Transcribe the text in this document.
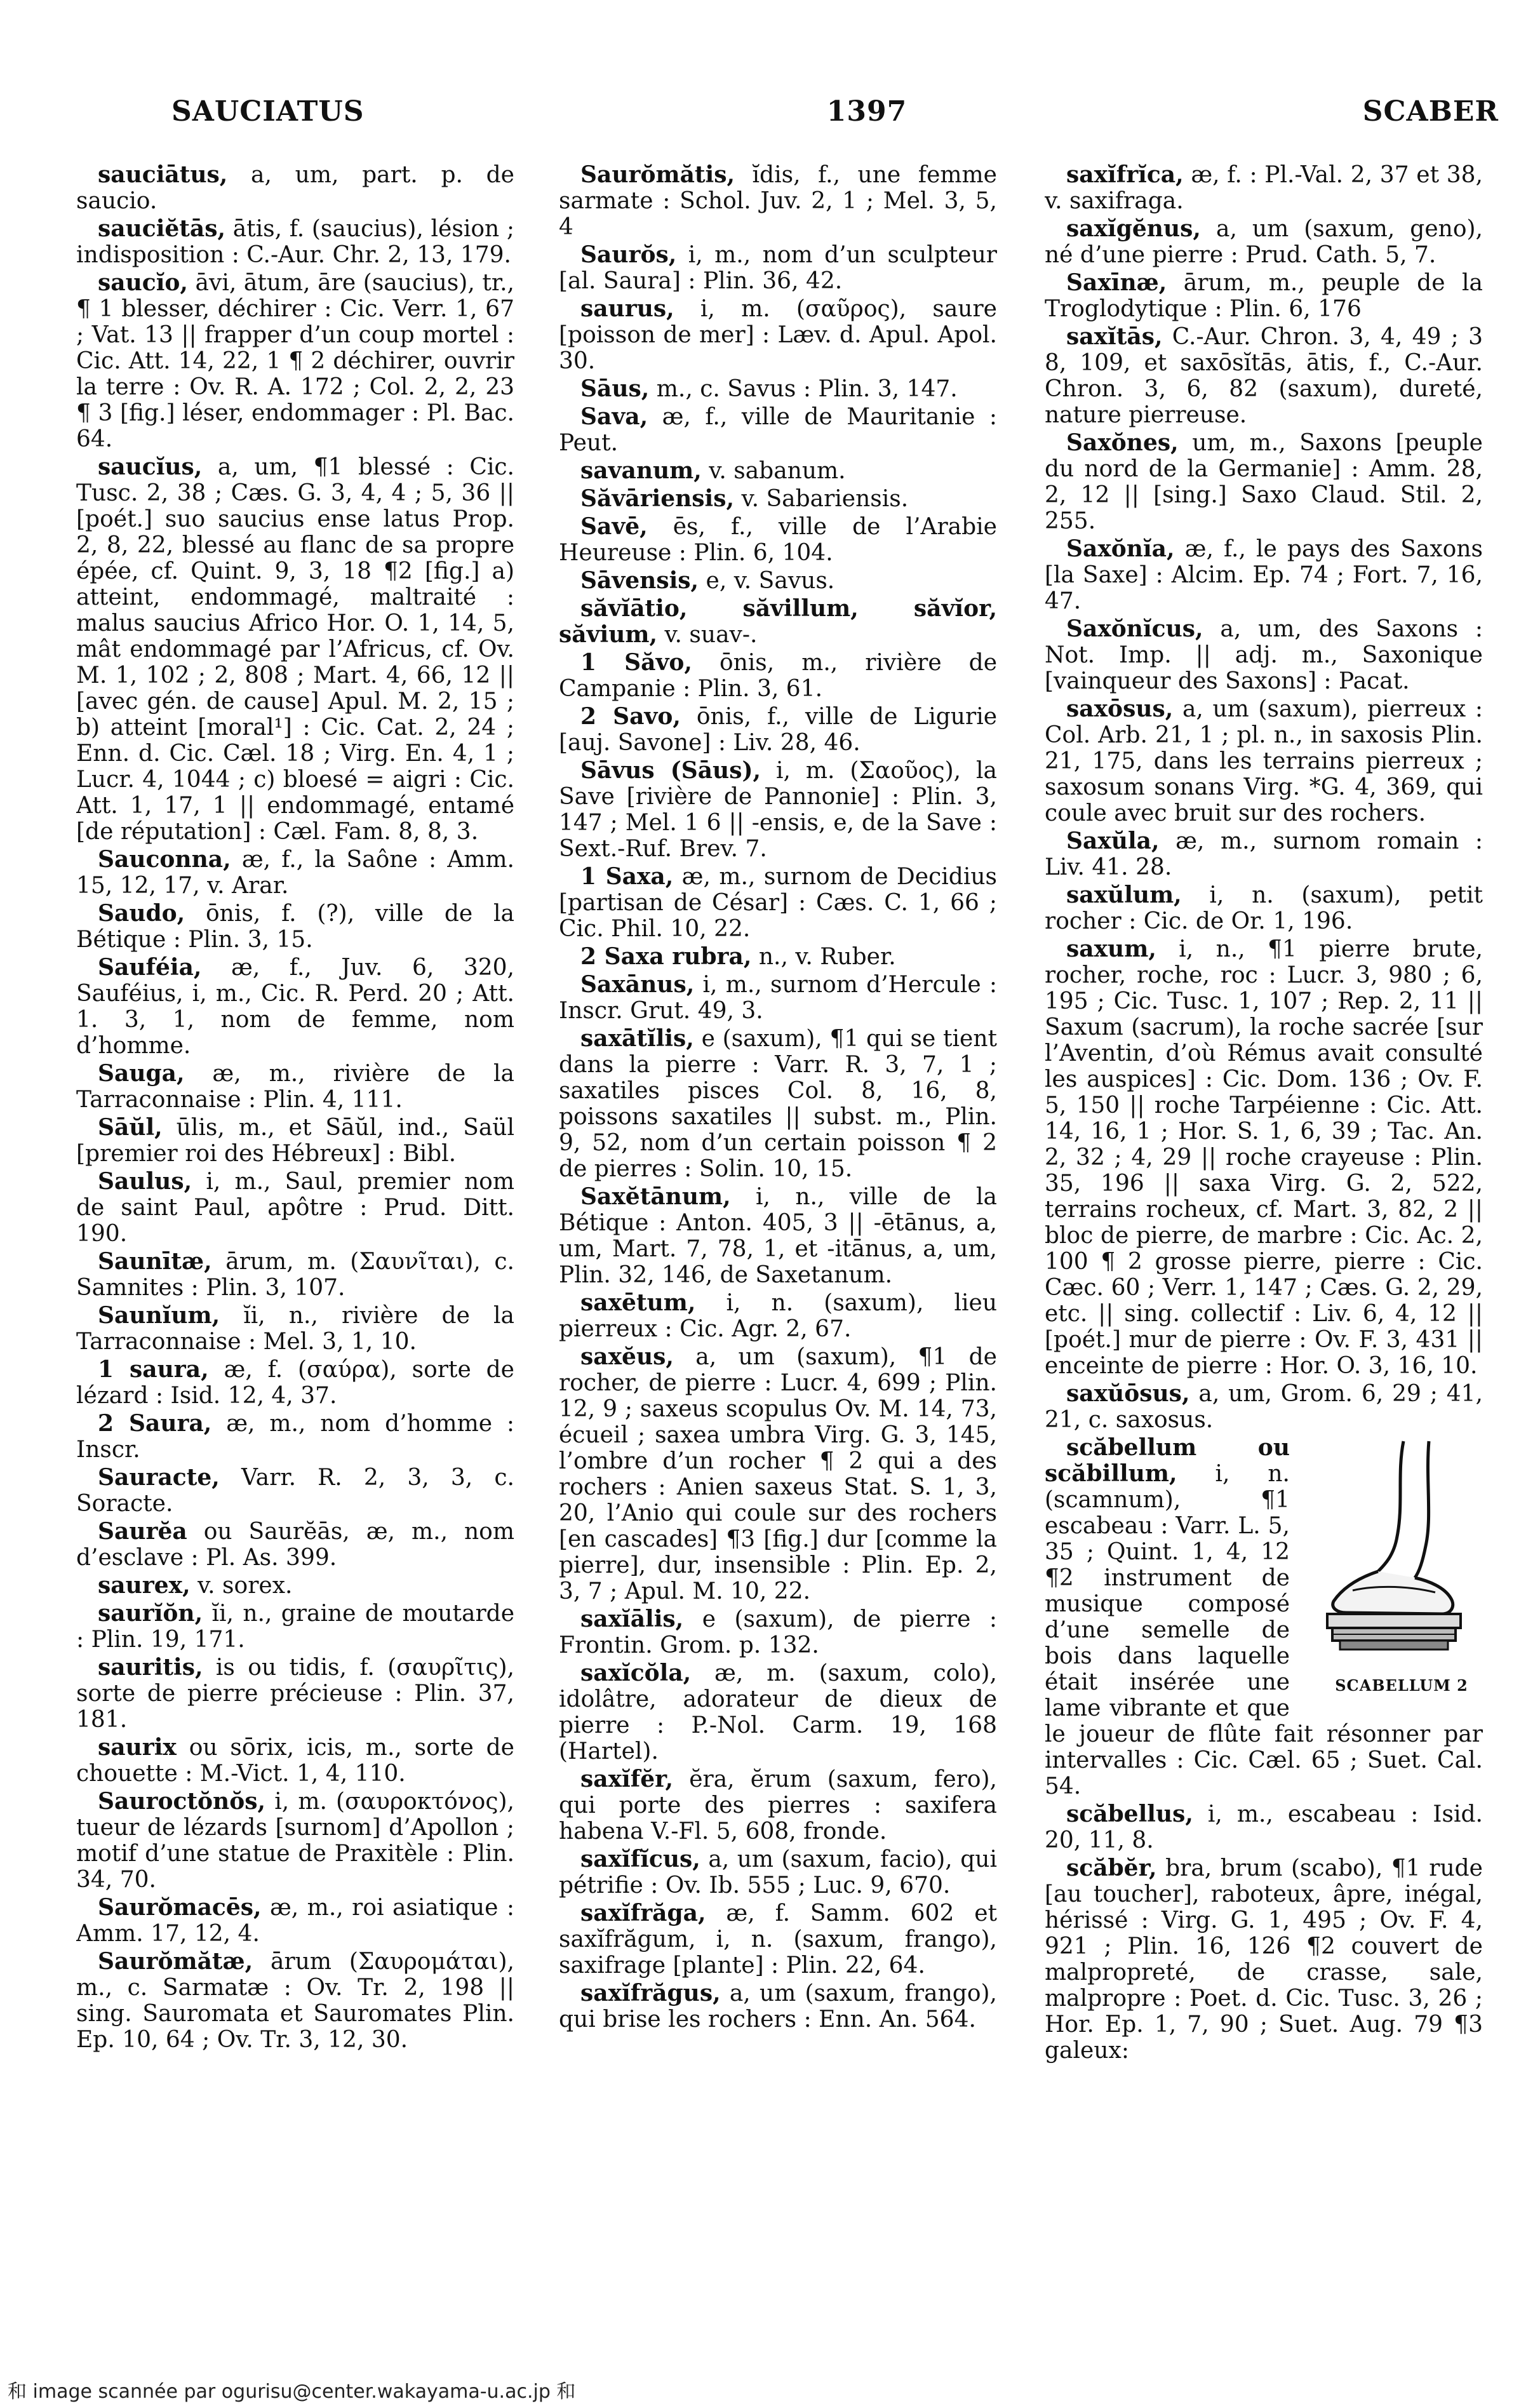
SAUCIATUS	1397	SCABER

sauciātus, a, um, part. p. de saucio.

sauciĕtās, ātis, f. (saucius), lésion ; indisposition : C.-Aur. Chr. 2, 13, 179.

saucĭo, āvi, ātum, āre (saucius), tr., ¶ 1 blesser, déchirer : Cic. Verr. 1, 67 ; Vat. 13 || frapper d’un coup mortel : Cic. Att. 14, 22, 1 ¶ 2 déchirer, ouvrir la terre : Ov. R. A. 172 ; Col. 2, 2, 23 ¶ 3 [fig.] léser, endommager : Pl. Bac. 64.

saucĭus, a, um, ¶1 blessé : Cic. Tusc. 2, 38 ; Cæs. G. 3, 4, 4 ; 5, 36 || [poét.] suo saucius ense latus Prop. 2, 8, 22, blessé au flanc de sa propre épée, cf. Quint. 9, 3, 18 ¶2 [fig.] a) atteint, endommagé, maltraité : malus saucius Africo Hor. O. 1, 14, 5, mât endommagé par l’Africus, cf. Ov. M. 1, 102 ; 2, 808 ; Mart. 4, 66, 12 || [avec gén. de cause] Apul. M. 2, 15 ; b) atteint [moral¹] : Cic. Cat. 2, 24 ; Enn. d. Cic. Cæl. 18 ; Virg. En. 4, 1 ; Lucr. 4, 1044 ; c) bloesé = aigri : Cic. Att. 1, 17, 1 || endommagé, entamé [de réputation] : Cæl. Fam. 8, 8, 3.

Sauconna, æ, f., la Saône : Amm. 15, 12, 17, v. Arar.

Saudo, ōnis, f. (?), ville de la Bétique : Plin. 3, 15.

Sauféia, æ, f., Juv. 6, 320, Sauféius, i, m., Cic. R. Perd. 20 ; Att. 1. 3, 1, nom de femme, nom d’homme.

Sauga, æ, m., rivière de la Tarraconnaise : Plin. 4, 111.

Sāŭl, ūlis, m., et Sāŭl, ind., Saül [premier roi des Hébreux] : Bibl.

Saulus, i, m., Saul, premier nom de saint Paul, apôtre : Prud. Ditt. 190.

Saunītæ, ārum, m. (Σαυνῖται), c. Samnites : Plin. 3, 107.

Saunĭum, ĭi, n., rivière de la Tarraconnaise : Mel. 3, 1, 10.

1 saura, æ, f. (σαύρα), sorte de lézard : Isid. 12, 4, 37.

2 Saura, æ, m., nom d’homme : Inscr.

Sauracte, Varr. R. 2, 3, 3, c. Soracte.

Saurĕa ou Saurĕās, æ, m., nom d’esclave : Pl. As. 399.

saurex, v. sorex.

saurĭŏn, ĭi, n., graine de moutarde : Plin. 19, 171.

sauritis, is ou tidis, f. (σαυρῖτις), sorte de pierre précieuse : Plin. 37, 181.

saurix ou sōrix, icis, m., sorte de chouette : M.-Vict. 1, 4, 110.

Sauroctŏnŏs, i, m. (σαυροκτόνος), tueur de lézards [surnom] d’Apollon ; motif d’une statue de Praxitèle : Plin. 34, 70.

Saurŏmacēs, æ, m., roi asiatique : Amm. 17, 12, 4.

Saurŏmătæ, ārum (Σαυρομάται), m., c. Sarmatæ : Ov. Tr. 2, 198 || sing. Sauromata et Sauromates Plin. Ep. 10, 64 ; Ov. Tr. 3, 12, 30.

Saurŏmătis, ĭdis, f., une femme sarmate : Schol. Juv. 2, 1 ; Mel. 3, 5, 4

Saurŏs, i, m., nom d’un sculpteur [al. Saura] : Plin. 36, 42.

saurus, i, m. (σαῦρος), saure [poisson de mer] : Læv. d. Apul. Apol. 30.

Sāus, m., c. Savus : Plin. 3, 147.

Sava, æ, f., ville de Mauritanie : Peut.

savanum, v. sabanum.

Săvāriensis, v. Sabariensis.

Savē, ēs, f., ville de l’Arabie Heureuse : Plin. 6, 104.

Sāvensis, e, v. Savus.

săvĭātio, săvillum, săvĭor, săvium, v. suav-.

1 Săvo, ōnis, m., rivière de Campanie : Plin. 3, 61.

2 Savo, ōnis, f., ville de Ligurie [auj. Savone] : Liv. 28, 46.

Sāvus (Sāus), i, m. (Σαοῦος), la Save [rivière de Pannonie] : Plin. 3, 147 ; Mel. 1 6 || -ensis, e, de la Save : Sext.-Ruf. Brev. 7.

1 Saxa, æ, m., surnom de Decidius [partisan de César] : Cæs. C. 1, 66 ; Cic. Phil. 10, 22.

2 Saxa rubra, n., v. Ruber.

Saxānus, i, m., surnom d’Hercule : Inscr. Grut. 49, 3.

saxātĭlis, e (saxum), ¶1 qui se tient dans la pierre : Varr. R. 3, 7, 1 ; saxatiles pisces Col. 8, 16, 8, poissons saxatiles || subst. m., Plin. 9, 52, nom d’un certain poisson ¶ 2 de pierres : Solin. 10, 15.

Saxĕtānum, i, n., ville de la Bétique : Anton. 405, 3 || -ētānus, a, um, Mart. 7, 78, 1, et -itānus, a, um, Plin. 32, 146, de Saxetanum.

saxētum, i, n. (saxum), lieu pierreux : Cic. Agr. 2, 67.

saxĕus, a, um (saxum), ¶1 de rocher, de pierre : Lucr. 4, 699 ; Plin. 12, 9 ; saxeus scopulus Ov. M. 14, 73, écueil ; saxea umbra Virg. G. 3, 145, l’ombre d’un rocher ¶ 2 qui a des rochers : Anien saxeus Stat. S. 1, 3, 20, l’Anio qui coule sur des rochers [en cascades] ¶3 [fig.] dur [comme la pierre], dur, insensible : Plin. Ep. 2, 3, 7 ; Apul. M. 10, 22.

saxĭālis, e (saxum), de pierre : Frontin. Grom. p. 132.

saxĭcŏla, æ, m. (saxum, colo), idolâtre, adorateur de dieux de pierre : P.-Nol. Carm. 19, 168 (Hartel).

saxĭfĕr, ĕra, ĕrum (saxum, fero), qui porte des pierres : saxifera habena V.-Fl. 5, 608, fronde.

saxĭfĭcus, a, um (saxum, facio), qui pétrifie : Ov. Ib. 555 ; Luc. 9, 670.

saxĭfrăga, æ, f. Samm. 602 et saxĭfrăgum, i, n. (saxum, frango), saxifrage [plante] : Plin. 22, 64.

saxĭfrăgus, a, um (saxum, frango), qui brise les rochers : Enn. An. 564.

saxĭfrĭca, æ, f. : Pl.-Val. 2, 37 et 38, v. saxifraga.

saxĭgĕnus, a, um (saxum, geno), né d’une pierre : Prud. Cath. 5, 7.

Saxīnæ, ārum, m., peuple de la Troglodytique : Plin. 6, 176

saxĭtās, C.-Aur. Chron. 3, 4, 49 ; 3 8, 109, et saxōsĭtās, ātis, f., C.-Aur. Chron. 3, 6, 82 (saxum), dureté, nature pierreuse.

Saxŏnes, um, m., Saxons [peuple du nord de la Germanie] : Amm. 28, 2, 12 || [sing.] Saxo Claud. Stil. 2, 255.

Saxŏnĭa, æ, f., le pays des Saxons [la Saxe] : Alcim. Ep. 74 ; Fort. 7, 16, 47.

Saxŏnĭcus, a, um, des Saxons : Not. Imp. || adj. m., Saxonique [vainqueur des Saxons] : Pacat.

saxōsus, a, um (saxum), pierreux : Col. Arb. 21, 1 ; pl. n., in saxosis Plin. 21, 175, dans les terrains pierreux ; saxosum sonans Virg. *G. 4, 369, qui coule avec bruit sur des rochers.

Saxŭla, æ, m., surnom romain : Liv. 41. 28.

saxŭlum, i, n. (saxum), petit rocher : Cic. de Or. 1, 196.

saxum, i, n., ¶1 pierre brute, rocher, roche, roc : Lucr. 3, 980 ; 6, 195 ; Cic. Tusc. 1, 107 ; Rep. 2, 11 || Saxum (sacrum), la roche sacrée [sur l’Aventin, d’où Rémus avait consulté les auspices] : Cic. Dom. 136 ; Ov. F. 5, 150 || roche Tarpéienne : Cic. Att. 14, 16, 1 ; Hor. S. 1, 6, 39 ; Tac. An. 2, 32 ; 4, 29 || roche crayeuse : Plin. 35, 196 || saxa Virg. G. 2, 522, terrains rocheux, cf. Mart. 3, 82, 2 || bloc de pierre, de marbre : Cic. Ac. 2, 100 ¶ 2 grosse pierre, pierre : Cic. Cæc. 60 ; Verr. 1, 147 ; Cæs. G. 2, 29, etc. || sing. collectif : Liv. 6, 4, 12 || [poét.] mur de pierre : Ov. F. 3, 431 || enceinte de pierre : Hor. O. 3, 16, 10.

saxŭōsus, a, um, Grom. 6, 29 ; 41, 21, c. saxosus.

SCABELLUM 2
scăbellum ou scăbillum, i, n. (scamnum), ¶1 escabeau : Varr. L. 5, 35 ; Quint. 1, 4, 12 ¶2 instrument de musique composé d’une semelle de bois dans laquelle était insérée une lame vibrante et que le joueur de flûte fait résonner par intervalles : Cic. Cæl. 65 ; Suet. Cal. 54.

scăbellus, i, m., escabeau : Isid. 20, 11, 8.

scăbĕr, bra, brum (scabo), ¶1 rude [au toucher], raboteux, âpre, inégal, hérissé : Virg. G. 1, 495 ; Ov. F. 4, 921 ; Plin. 16, 126 ¶2 couvert de malpropreté, de crasse, sale, malpropre : Poet. d. Cic. Tusc. 3, 26 ; Hor. Ep. 1, 7, 90 ; Suet. Aug. 79 ¶3 galeux:

和 image scannée par ogurisu@center.wakayama-u.ac.jp 和
